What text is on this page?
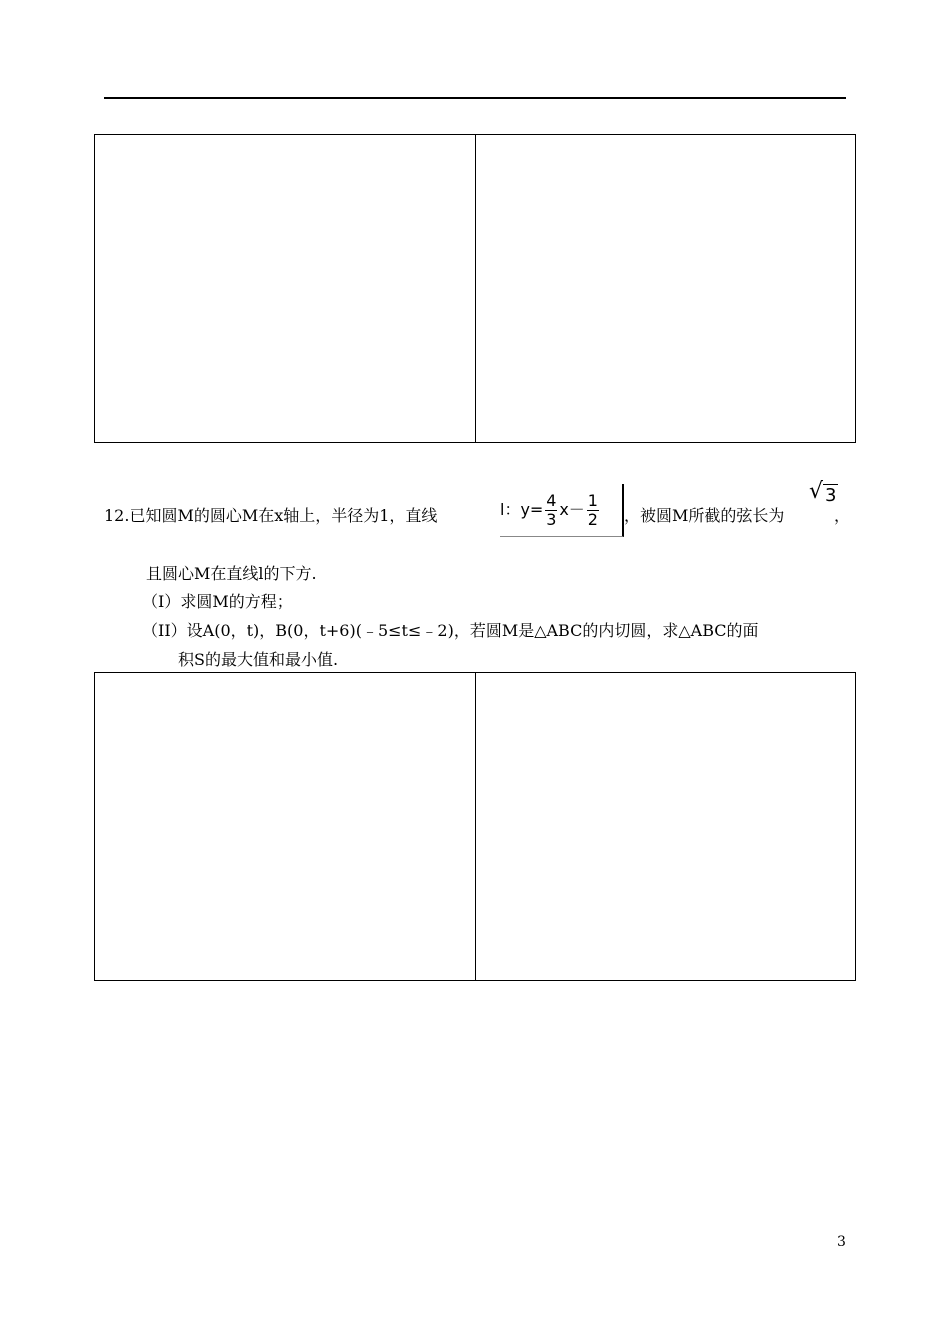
12.已知圆M的圆心M在x轴上，半径为1，直线	l：$y= \frac{4}{3} x- \frac{1}{2}$ ，被圆M所截的弦长为
√ 3
，
且圆心M在直线l的下方.
（I）求圆M的方程；
（II）设A(0，t)，B(0，t+6)(﹣5≤t≤﹣2)，若圆M是△ABC的内切圆，求△ABC的面
积S的最大值和最小值.
3
